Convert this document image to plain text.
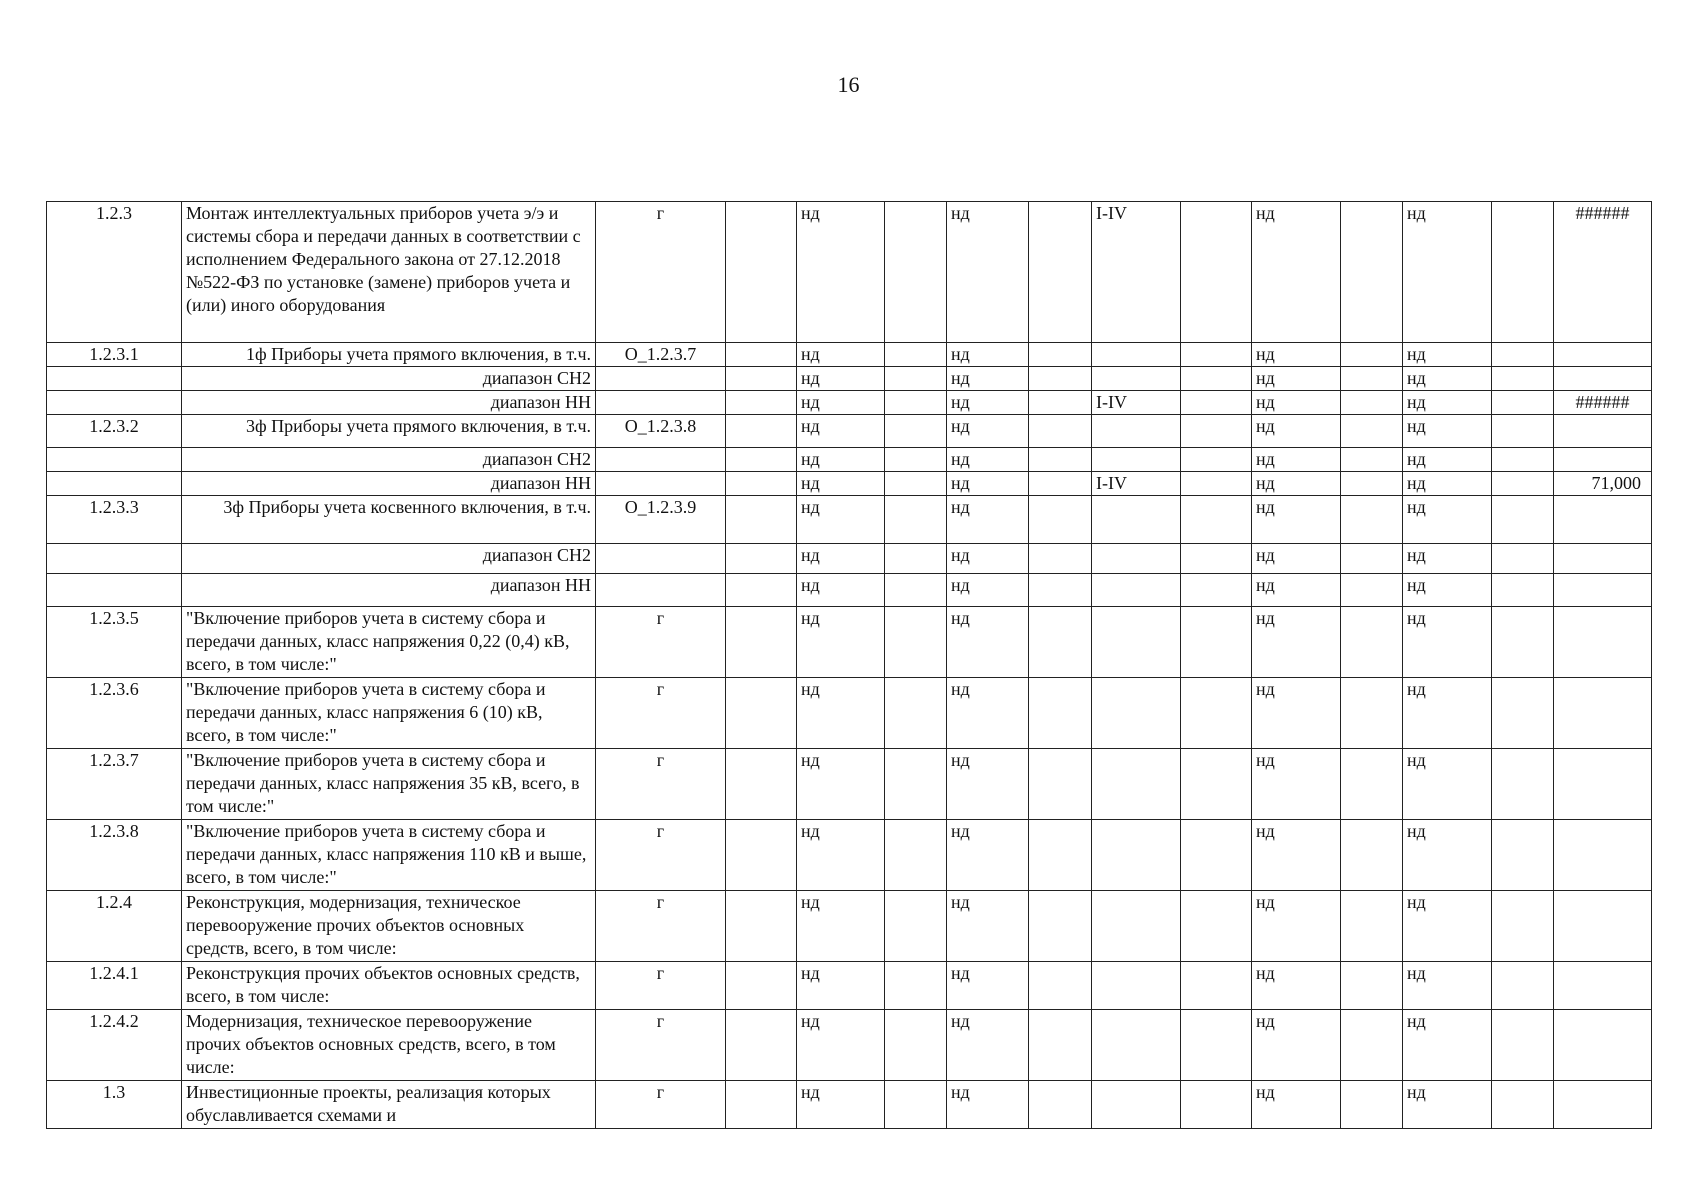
16
1.2.3	Монтаж интеллектуальных приборов учета э/э и системы сбора и передачи данных в соответствии с исполнением Федерального закона от 27.12.2018 №522-ФЗ по установке (замене) приборов учета и (или) иного оборудования	г		нд		нд		I-IV		нд		нд		######
1.2.3.1	1ф Приборы учета прямого включения, в т.ч.	О_1.2.3.7		нд		нд				нд		нд		
	диапазон СН2			нд		нд				нд		нд		
	диапазон НН			нд		нд		I-IV		нд		нд		######
1.2.3.2	3ф Приборы учета прямого включения, в т.ч.	О_1.2.3.8		нд		нд				нд		нд		
	диапазон СН2			нд		нд				нд		нд		
	диапазон НН			нд		нд		I-IV		нд		нд		71,000
1.2.3.3	3ф Приборы учета косвенного включения, в т.ч.	О_1.2.3.9		нд		нд				нд		нд		
	диапазон СН2			нд		нд				нд		нд		
	диапазон НН			нд		нд				нд		нд		
1.2.3.5	"Включение приборов учета в систему сбора и передачи данных, класс напряжения 0,22 (0,4) кВ, всего, в том числе:"	г		нд		нд				нд		нд		
1.2.3.6	"Включение приборов учета в систему сбора и передачи данных, класс напряжения 6 (10) кВ, всего, в том числе:"	г		нд		нд				нд		нд		
1.2.3.7	"Включение приборов учета в систему сбора и передачи данных, класс напряжения 35 кВ, всего, в том числе:"	г		нд		нд				нд		нд		
1.2.3.8	"Включение приборов учета в систему сбора и передачи данных, класс напряжения 110 кВ и выше, всего, в том числе:"	г		нд		нд				нд		нд		
1.2.4	Реконструкция, модернизация, техническое перевооружение прочих объектов основных средств, всего, в том числе:	г		нд		нд				нд		нд		
1.2.4.1	Реконструкция прочих объектов основных средств, всего, в том числе:	г		нд		нд				нд		нд		
1.2.4.2	Модернизация, техническое перевооружение прочих объектов основных средств, всего, в том числе:	г		нд		нд				нд		нд		
1.3	Инвестиционные проекты, реализация которых обуславливается схемами и	г		нд		нд				нд		нд		
